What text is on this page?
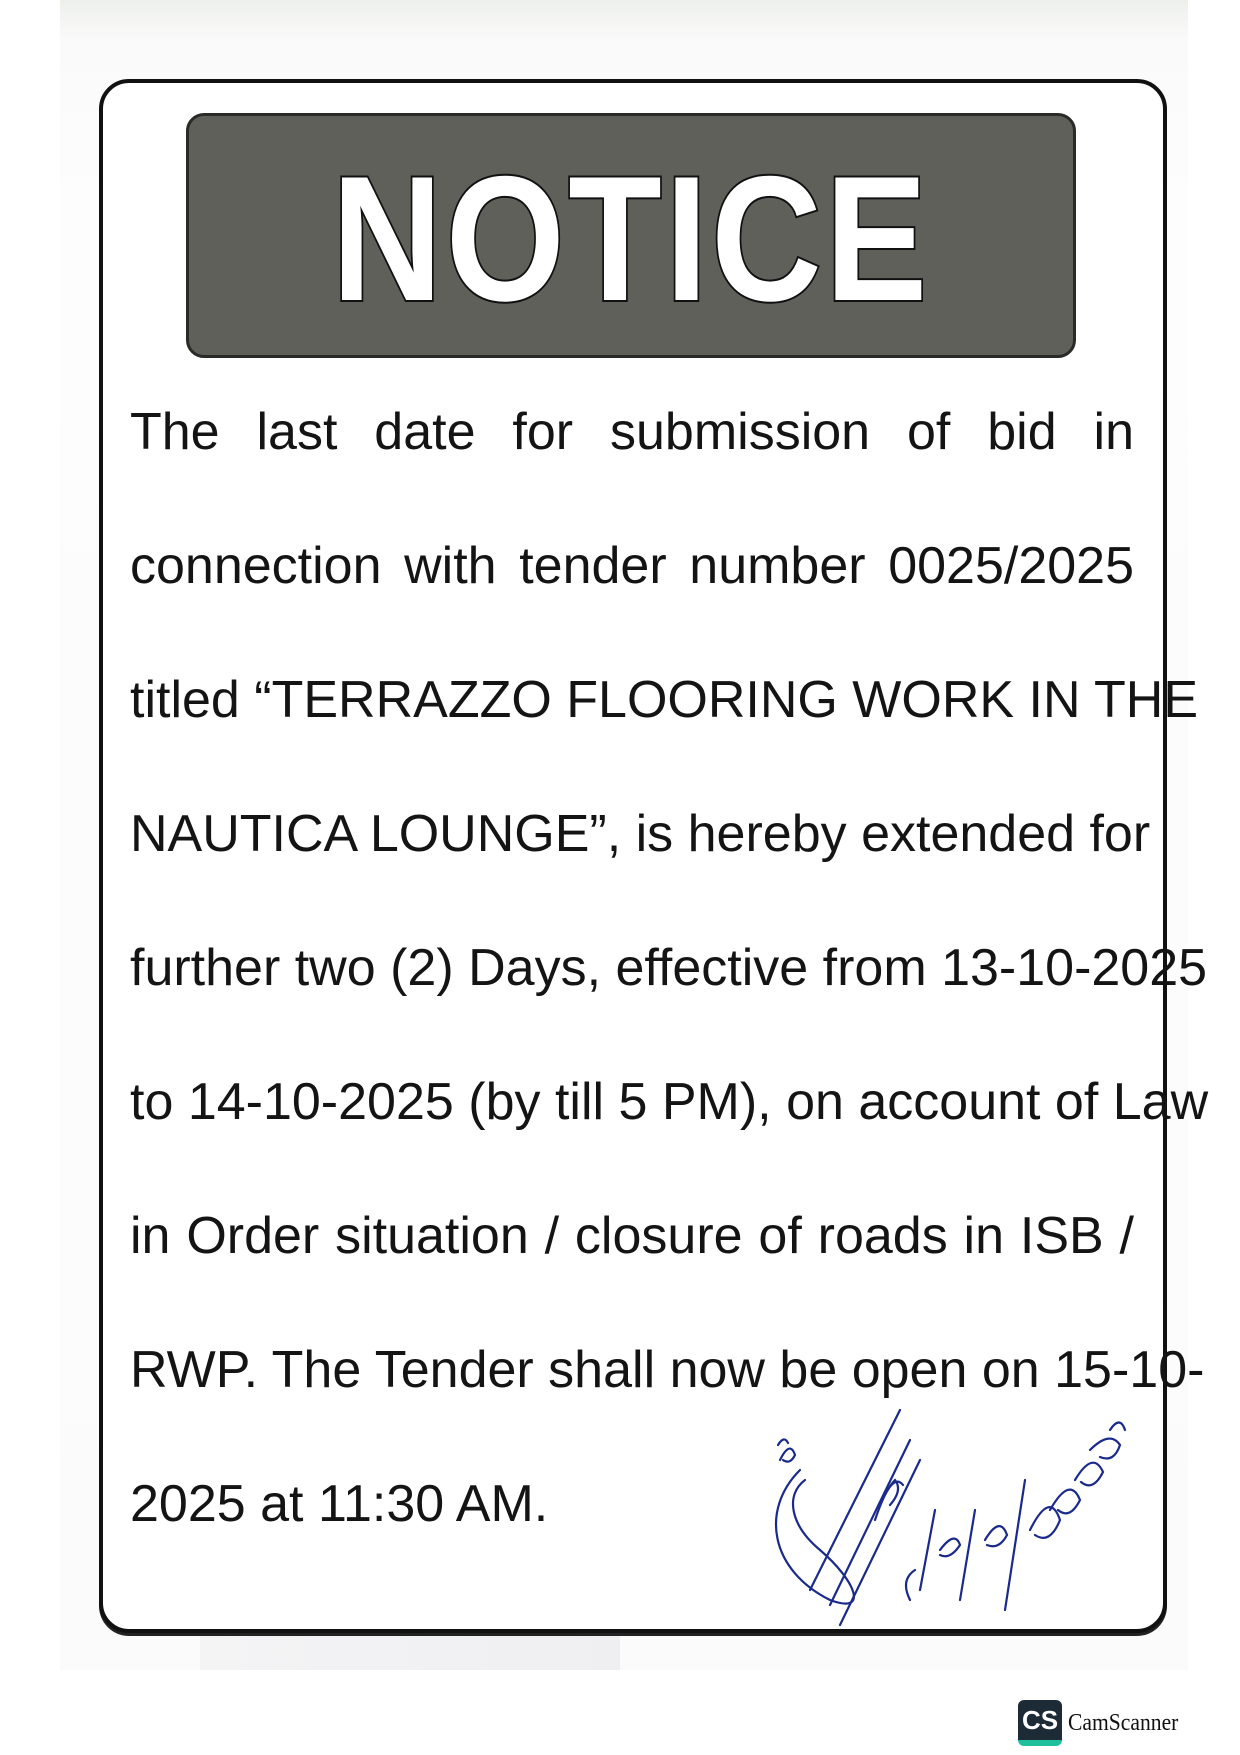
NOTICE
The last date for submission of bid in
connection with tender number 0025/2025
titled “TERRAZZO FLOORING WORK IN THE
NAUTICA LOUNGE”, is hereby extended for
further two (2) Days, effective from 13-10-2025
to 14-10-2025 (by till 5 PM), on account of Law
in Order situation / closure of roads in ISB /
RWP. The Tender shall now be open on 15-10-
2025 at 11:30 AM.
CS CamScanner
